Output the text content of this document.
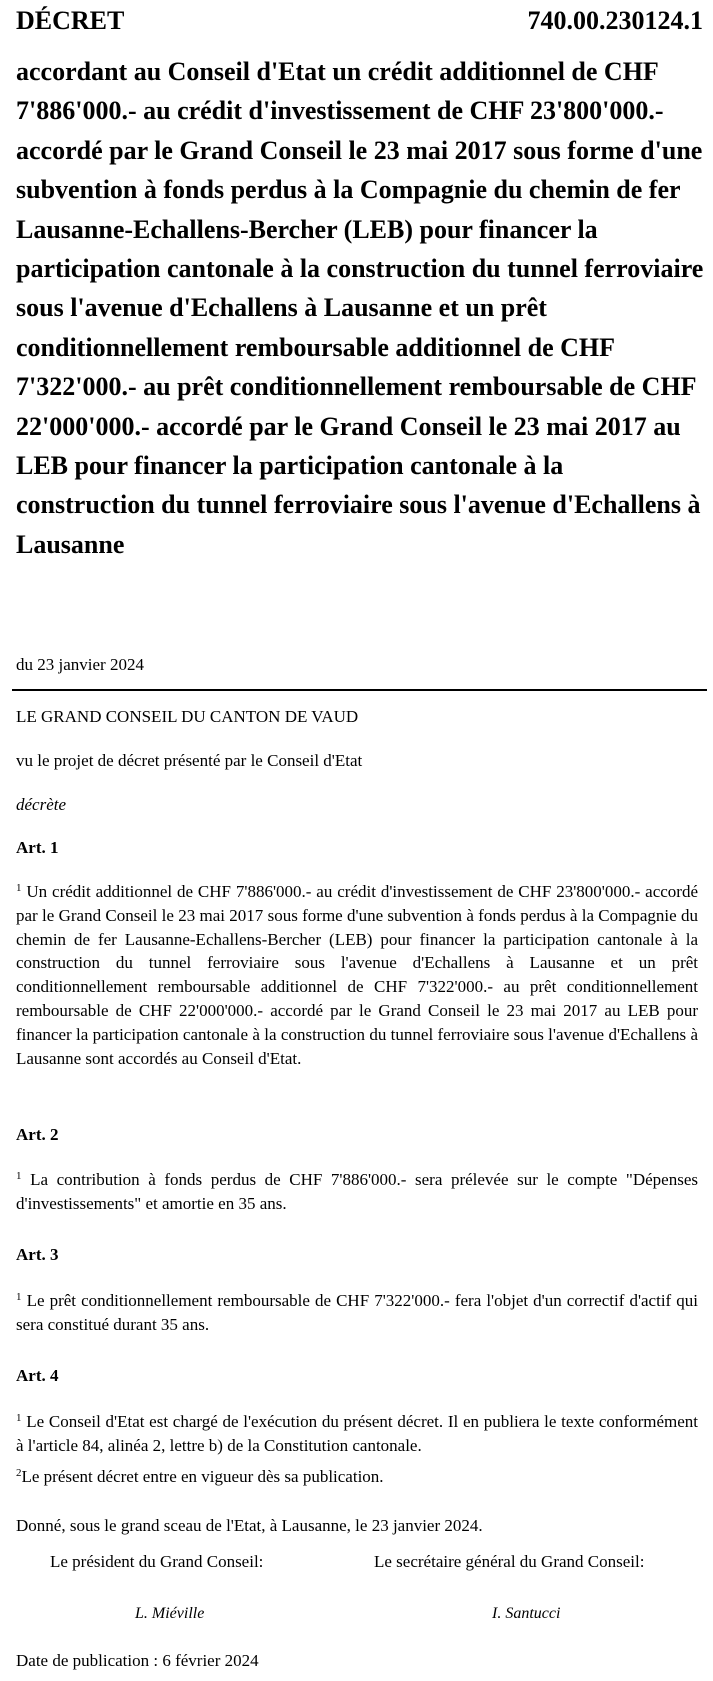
DÉCRET	740.00.230124.1

accordant au Conseil d'Etat un crédit additionnel de CHF 7'886'000.- au crédit d'investissement de CHF 23'800'000.- accordé par le Grand Conseil le 23 mai 2017 sous forme d'une subvention à fonds perdus à la Compagnie du chemin de fer Lausanne-Echallens-Bercher (LEB) pour financer la participation cantonale à la construction du tunnel ferroviaire sous l'avenue d'Echallens à Lausanne et un prêt conditionnellement remboursable additionnel de CHF 7'322'000.- au prêt conditionnellement remboursable de CHF 22'000'000.- accordé par le Grand Conseil le 23 mai 2017 au LEB pour financer la participation cantonale à la construction du tunnel ferroviaire sous l'avenue d'Echallens à Lausanne

du 23 janvier 2024
LE GRAND CONSEIL DU CANTON DE VAUD
vu le projet de décret présenté par le Conseil d'Etat
décrète
Art. 1

$^1$ Un crédit additionnel de CHF 7'886'000.- au crédit d'investissement de CHF 23'800'000.- accordé par le Grand Conseil le 23 mai 2017 sous forme d'une subvention à fonds perdus à la Compagnie du chemin de fer Lausanne-Echallens-Bercher (LEB) pour financer la participation cantonale à la construction du tunnel ferroviaire sous l'avenue d'Echallens à Lausanne et un prêt conditionnellement remboursable additionnel de CHF 7'322'000.- au prêt conditionnellement remboursable de CHF 22'000'000.- accordé par le Grand Conseil le 23 mai 2017 au LEB pour financer la participation cantonale à la construction du tunnel ferroviaire sous l'avenue d'Echallens à Lausanne sont accordés au Conseil d'Etat.

Art. 2

$^1$ La contribution à fonds perdus de CHF 7'886'000.- sera prélevée sur le compte "Dépenses d'investissements" et amortie en 35 ans.

Art. 3

$^1$ Le prêt conditionnellement remboursable de CHF 7'322'000.- fera l'objet d'un correctif d'actif qui sera constitué durant 35 ans.

Art. 4

$^1$ Le Conseil d'Etat est chargé de l'exécution du présent décret. Il en publiera le texte conformément à l'article 84, alinéa 2, lettre b) de la Constitution cantonale.

$^2$Le présent décret entre en vigueur dès sa publication.

Donné, sous le grand sceau de l'Etat, à Lausanne, le 23 janvier 2024.
Le président du Grand Conseil:	Le secrétaire général du Grand Conseil:
L. Miéville	I. Santucci
Date de publication : 6 février 2024
